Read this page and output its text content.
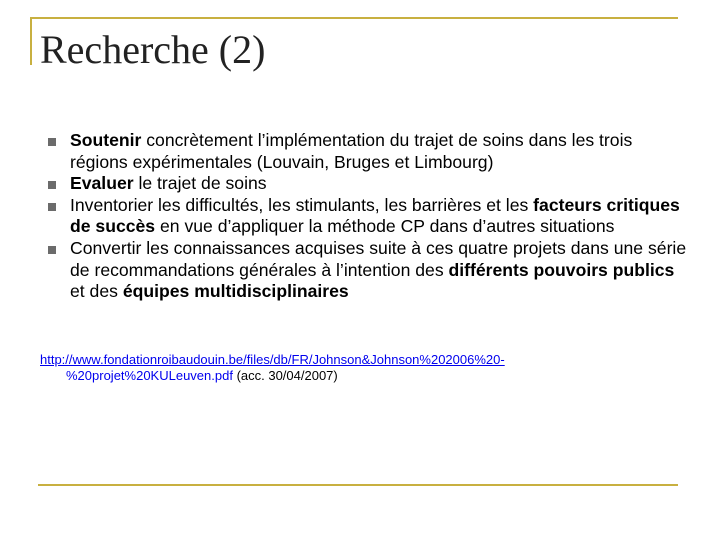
Recherche (2)
Soutenir concrètement l’implémentation du trajet de soins dans les trois régions expérimentales (Louvain, Bruges et Limbourg)
Evaluer le trajet de soins
Inventorier les difficultés, les stimulants, les barrières et les facteurs critiques de succès en vue d’appliquer la méthode CP dans d’autres situations
Convertir les connaissances acquises suite à ces quatre projets dans une série de recommandations générales à l’intention des différents pouvoirs publics et des équipes multidisciplinaires
http://www.fondationroibaudouin.be/files/db/FR/Johnson&Johnson%202006%20-%20projet%20KULeuven.pdf (acc. 30/04/2007)
